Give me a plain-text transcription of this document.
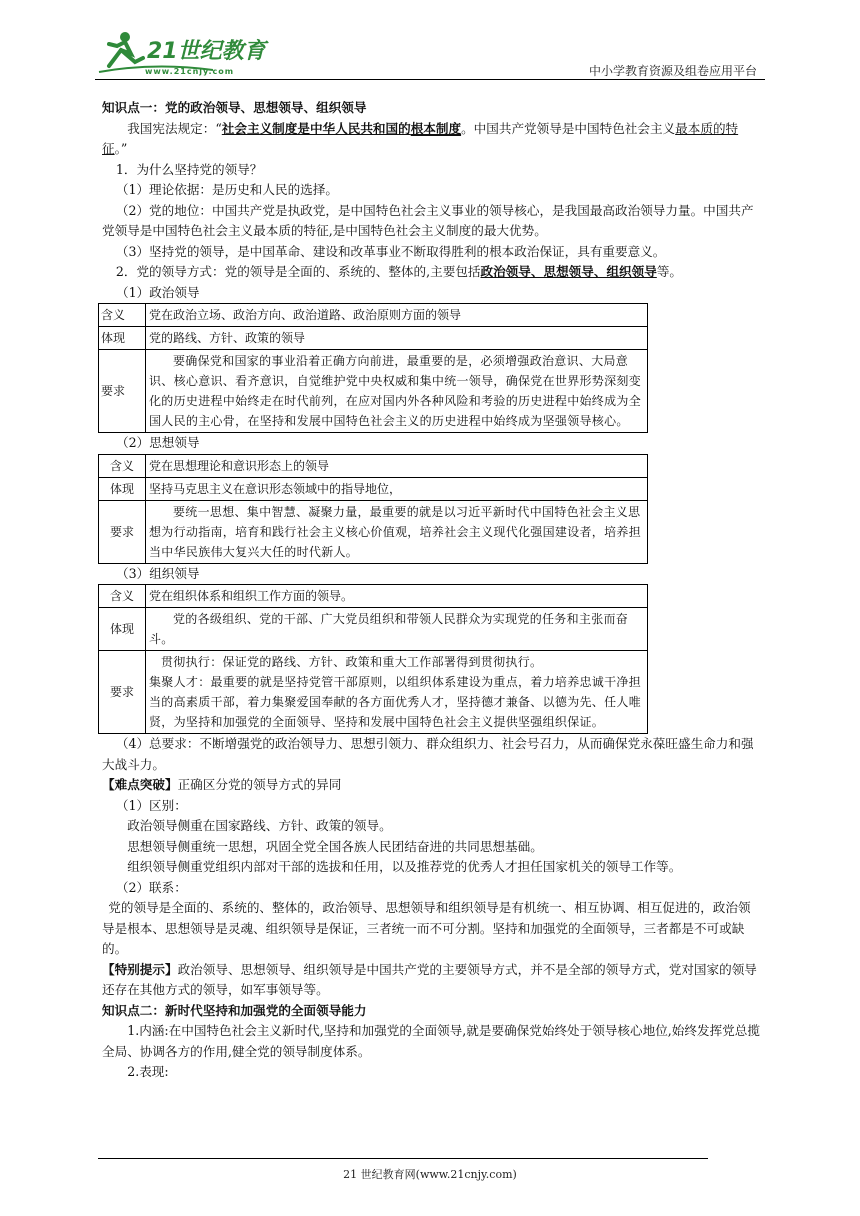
21世纪教育
www.21cnjy.com	中小学教育资源及组卷应用平台

知识点一：党的政治领导、思想领导、组织领导

我国宪法规定：“社会主义制度是中华人民共和国的根本制度。中国共产党领导是中国特色社会主义最本质的特征。”

1．为什么坚持党的领导？

（1）理论依据：是历史和人民的选择。

（2）党的地位：中国共产党是执政党，是中国特色社会主义事业的领导核心，是我国最高政治领导力量。中国共产党领导是中国特色社会主义最本质的特征,是中国特色社会主义制度的最大优势。

（3）坚持党的领导，是中国革命、建设和改革事业不断取得胜利的根本政治保证，具有重要意义。

2．党的领导方式：党的领导是全面的、系统的、整体的,主要包括政治领导、思想领导、组织领导等。

（1）政治领导

含义	党在政治立场、政治方向、政治道路、政治原则方面的领导
体现	党的路线、方针、政策的领导
要求	要确保党和国家的事业沿着正确方向前进，最重要的是，必须增强政治意识、大局意识、核心意识、看齐意识，自觉维护党中央权威和集中统一领导，确保党在世界形势深刻变化的历史进程中始终走在时代前列，在应对国内外各种风险和考验的历史进程中始终成为全国人民的主心骨，在坚持和发展中国特色社会主义的历史进程中始终成为坚强领导核心。

（2）思想领导

含义	党在思想理论和意识形态上的领导
体现	坚持马克思主义在意识形态领域中的指导地位，
要求	要统一思想、集中智慧、凝聚力量，最重要的就是以习近平新时代中国特色社会主义思想为行动指南，培育和践行社会主义核心价值观，培养社会主义现代化强国建设者，培养担当中华民族伟大复兴大任的时代新人。

（3）组织领导

含义	党在组织体系和组织工作方面的领导。
体现	党的各级组织、党的干部、广大党员组织和带领人民群众为实现党的任务和主张而奋斗。
要求	贯彻执行：保证党的路线、方针、政策和重大工作部署得到贯彻执行。
集聚人才：最重要的就是坚持党管干部原则，以组织体系建设为重点，着力培养忠诚干净担当的高素质干部，着力集聚爱国奉献的各方面优秀人才，坚持德才兼备、以德为先、任人唯贤，为坚持和加强党的全面领导、坚持和发展中国特色社会主义提供坚强组织保证。

（4）总要求：不断增强党的政治领导力、思想引领力、群众组织力、社会号召力，从而确保党永葆旺盛生命力和强大战斗力。

【难点突破】正确区分党的领导方式的异同

（1）区别：

政治领导侧重在国家路线、方针、政策的领导。

思想领导侧重统一思想，巩固全党全国各族人民团结奋进的共同思想基础。

组织领导侧重党组织内部对干部的选拔和任用，以及推荐党的优秀人才担任国家机关的领导工作等。

（2）联系：

党的领导是全面的、系统的、整体的，政治领导、思想领导和组织领导是有机统一、相互协调、相互促进的，政治领导是根本、思想领导是灵魂、组织领导是保证，三者统一而不可分割。坚持和加强党的全面领导，三者都是不可或缺的。

【特别提示】政治领导、思想领导、组织领导是中国共产党的主要领导方式，并不是全部的领导方式，党对国家的领导还存在其他方式的领导，如军事领导等。

知识点二：新时代坚持和加强党的全面领导能力

1.内涵:在中国特色社会主义新时代,坚持和加强党的全面领导,就是要确保党始终处于领导核心地位,始终发挥党总揽全局、协调各方的作用,健全党的领导制度体系。

2.表现:

21 世纪教育网(www.21cnjy.com)
